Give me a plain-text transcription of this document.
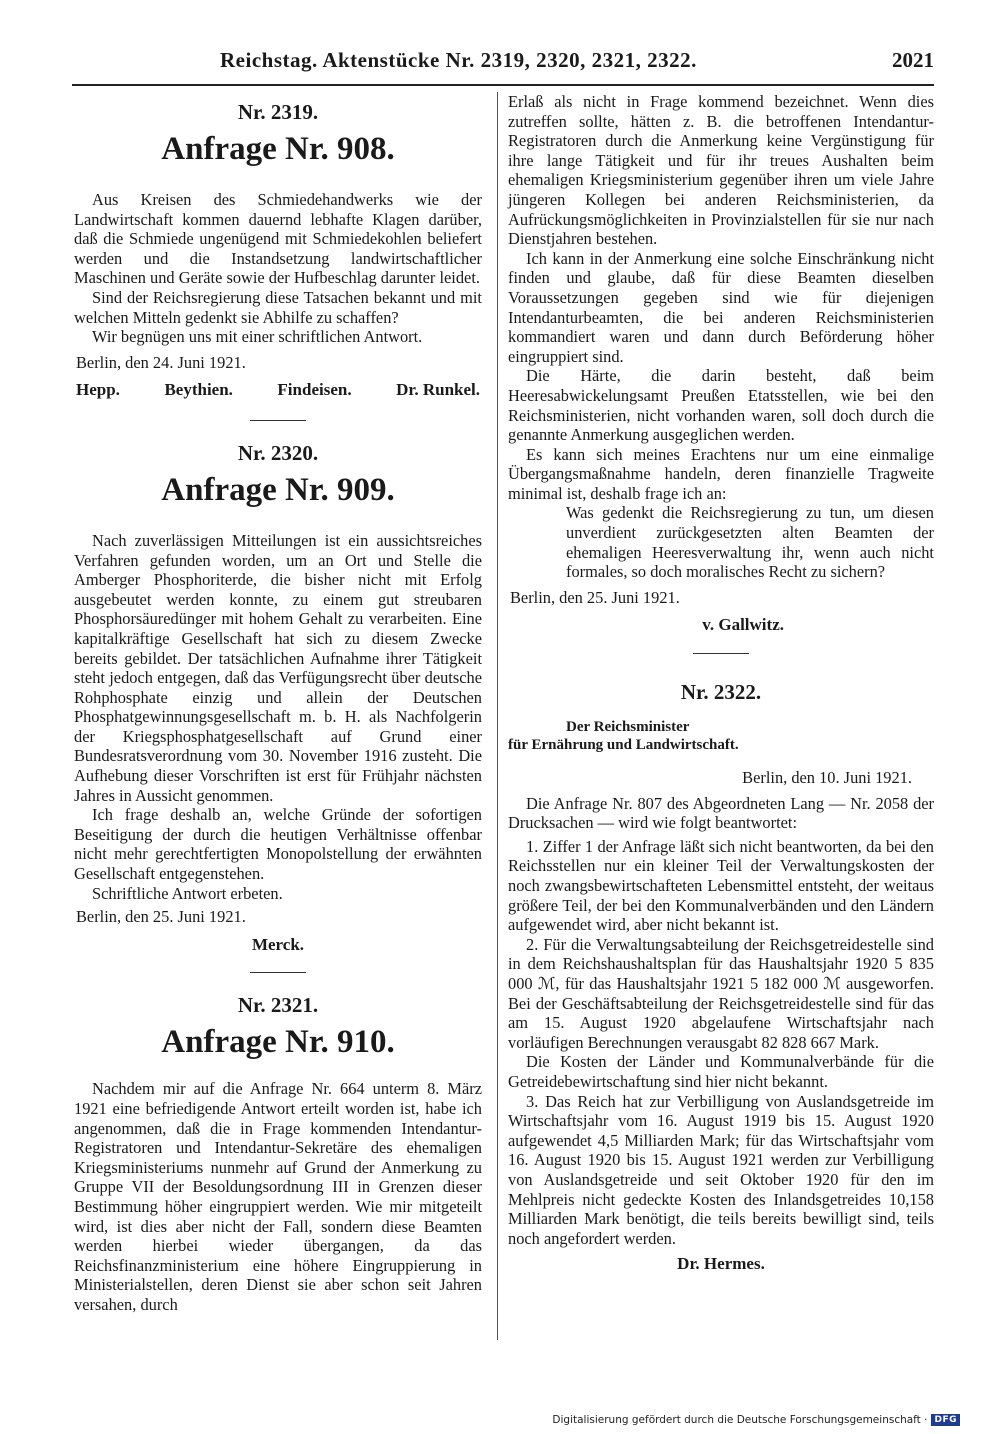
Reichstag. Aktenstücke Nr. 2319, 2320, 2321, 2322.	2021

Nr. 2319.

Anfrage Nr. 908.

Aus Kreisen des Schmiedehandwerks wie der Landwirtschaft kommen dauernd lebhafte Klagen darüber, daß die Schmiede ungenügend mit Schmiedekohlen beliefert werden und die Instandsetzung landwirtschaftlicher Maschinen und Geräte sowie der Hufbeschlag darunter leidet.

Sind der Reichsregierung diese Tatsachen bekannt und mit welchen Mitteln gedenkt sie Abhilfe zu schaffen?

Wir begnügen uns mit einer schriftlichen Antwort.

Berlin, den 24. Juni 1921.

Hepp.	Beythien.	Findeisen.	Dr. Runkel.

Nr. 2320.

Anfrage Nr. 909.

Nach zuverlässigen Mitteilungen ist ein aussichtsreiches Verfahren gefunden worden, um an Ort und Stelle die Amberger Phosphoriterde, die bisher nicht mit Erfolg ausgebeutet werden konnte, zu einem gut streubaren Phosphorsäuredünger mit hohem Gehalt zu verarbeiten. Eine kapitalkräftige Gesellschaft hat sich zu diesem Zwecke bereits gebildet. Der tatsächlichen Aufnahme ihrer Tätigkeit steht jedoch entgegen, daß das Verfügungsrecht über deutsche Rohphosphate einzig und allein der Deutschen Phosphatgewinnungsgesellschaft m. b. H. als Nachfolgerin der Kriegsphosphatgesellschaft auf Grund einer Bundesratsverordnung vom 30. November 1916 zusteht. Die Aufhebung dieser Vorschriften ist erst für Frühjahr nächsten Jahres in Aussicht genommen.

Ich frage deshalb an, welche Gründe der sofortigen Beseitigung der durch die heutigen Verhältnisse offenbar nicht mehr gerechtfertigten Monopolstellung der erwähnten Gesellschaft entgegenstehen.

Schriftliche Antwort erbeten.

Berlin, den 25. Juni 1921.

Merck.

Nr. 2321.

Anfrage Nr. 910.

Nachdem mir auf die Anfrage Nr. 664 unterm 8. März 1921 eine befriedigende Antwort erteilt worden ist, habe ich angenommen, daß die in Frage kommenden Intendantur-Registratoren und Intendantur-Sekretäre des ehemaligen Kriegsministeriums nunmehr auf Grund der Anmerkung zu Gruppe VII der Besoldungsordnung III in Grenzen dieser Bestimmung höher eingruppiert werden. Wie mir mitgeteilt wird, ist dies aber nicht der Fall, sondern diese Beamten werden hierbei wieder übergangen, da das Reichsfinanzministerium eine höhere Eingruppierung in Ministerialstellen, deren Dienst sie aber schon seit Jahren versahen, durch

Erlaß als nicht in Frage kommend bezeichnet. Wenn dies zutreffen sollte, hätten z. B. die betroffenen Intendantur-Registratoren durch die Anmerkung keine Vergünstigung für ihre lange Tätigkeit und für ihr treues Aushalten beim ehemaligen Kriegsministerium gegenüber ihren um viele Jahre jüngeren Kollegen bei anderen Reichsministerien, da Aufrückungsmöglichkeiten in Provinzialstellen für sie nur nach Dienstjahren bestehen.

Ich kann in der Anmerkung eine solche Einschränkung nicht finden und glaube, daß für diese Beamten dieselben Voraussetzungen gegeben sind wie für diejenigen Intendanturbeamten, die bei anderen Reichsministerien kommandiert waren und dann durch Beförderung höher eingruppiert sind.

Die Härte, die darin besteht, daß beim Heeresabwickelungsamt Preußen Etatsstellen, wie bei den Reichsministerien, nicht vorhanden waren, soll doch durch die genannte Anmerkung ausgeglichen werden.

Es kann sich meines Erachtens nur um eine einmalige Übergangsmaßnahme handeln, deren finanzielle Tragweite minimal ist, deshalb frage ich an:

Was gedenkt die Reichsregierung zu tun, um diesen unverdient zurückgesetzten alten Beamten der ehemaligen Heeresverwaltung ihr, wenn auch nicht formales, so doch moralisches Recht zu sichern?

Berlin, den 25. Juni 1921.

v. Gallwitz.

Nr. 2322.

Der Reichsminister

für Ernährung und Landwirtschaft.

Berlin, den 10. Juni 1921.

Die Anfrage Nr. 807 des Abgeordneten Lang — Nr. 2058 der Drucksachen — wird wie folgt beantwortet:

1. Ziffer 1 der Anfrage läßt sich nicht beantworten, da bei den Reichsstellen nur ein kleiner Teil der Verwaltungskosten der noch zwangsbewirtschafteten Lebensmittel entsteht, der weitaus größere Teil, der bei den Kommunalverbänden und den Ländern aufgewendet wird, aber nicht bekannt ist.

2. Für die Verwaltungsabteilung der Reichsgetreidestelle sind in dem Reichshaushaltsplan für das Haushaltsjahr 1920 5 835 000 ℳ, für das Haushaltsjahr 1921 5 182 000 ℳ ausgeworfen. Bei der Geschäftsabteilung der Reichsgetreidestelle sind für das am 15. August 1920 abgelaufene Wirtschaftsjahr nach vorläufigen Berechnungen verausgabt 82 828 667 Mark.

Die Kosten der Länder und Kommunalverbände für die Getreidebewirtschaftung sind hier nicht bekannt.

3. Das Reich hat zur Verbilligung von Auslandsgetreide im Wirtschaftsjahr vom 16. August 1919 bis 15. August 1920 aufgewendet 4,5 Milliarden Mark; für das Wirtschaftsjahr vom 16. August 1920 bis 15. August 1921 werden zur Verbilligung von Auslandsgetreide und seit Oktober 1920 für den im Mehlpreis nicht gedeckte Kosten des Inlandsgetreides 10,158 Milliarden Mark benötigt, die teils bereits bewilligt sind, teils noch angefordert werden.

Dr. Hermes.

Digitalisierung gefördert durch die Deutsche Forschungsgemeinschaft · DFG
